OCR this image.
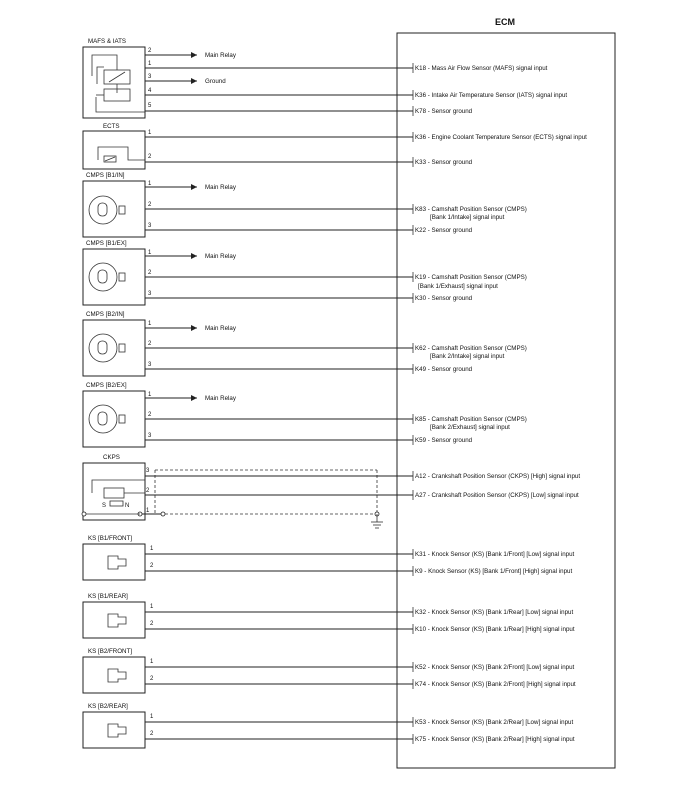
ECM
MAFS & IATS
2
Main Relay
1
3
Ground
4
5
K18 - Mass Air Flow Sensor (MAFS) signal input
K36 - Intake Air Temperature Sensor (IATS) signal input
K78 - Sensor ground
ECTS
1
2
K36 - Engine Coolant Temperature Sensor (ECTS) signal input
K33 - Sensor ground
CMPS [B1/IN]
1	Main Relay
2
3
K83 - Camshaft Position Sensor (CMPS)
[Bank 1/Intake] signal input
K22 - Sensor ground
CMPS [B1/EX]
1	Main Relay
2
3
K19 - Camshaft Position Sensor (CMPS)
[Bank 1/Exhaust] signal input
K30 - Sensor ground
CMPS [B2/IN]
1
Main Relay
2
3
K62 - Camshaft Position Sensor (CMPS)
[Bank 2/Intake] signal input
K49 - Sensor ground
CMPS [B2/EX]
1	Main Relay
2
3
K85 - Camshaft Position Sensor (CMPS)
[Bank 2/Exhaust] signal input
K59 - Sensor ground
CKPS
S	N
3
2
1
A12 - Crankshaft Position Sensor (CKPS) [High] signal input
A27 - Crankshaft Position Sensor (CKPS) [Low] signal input
KS [B1/FRONT]
1
2
K31 - Knock Sensor (KS) [Bank 1/Front] [Low] signal input
K9 - Knock Sensor (KS) [Bank 1/Front] [High] signal input
KS [B1/REAR]
1
2
K32 - Knock Sensor (KS) [Bank 1/Rear] [Low] signal input
K10 - Knock Sensor (KS) [Bank 1/Rear] [High] signal input
KS [B2/FRONT]
1
2
K52 - Knock Sensor (KS) [Bank 2/Front] [Low] signal input
K74 - Knock Sensor (KS) [Bank 2/Front] [High] signal input
KS [B2/REAR]
1
2
K53 - Knock Sensor (KS) [Bank 2/Rear] [Low] signal input
K75 - Knock Sensor (KS) [Bank 2/Rear] [High] signal input
